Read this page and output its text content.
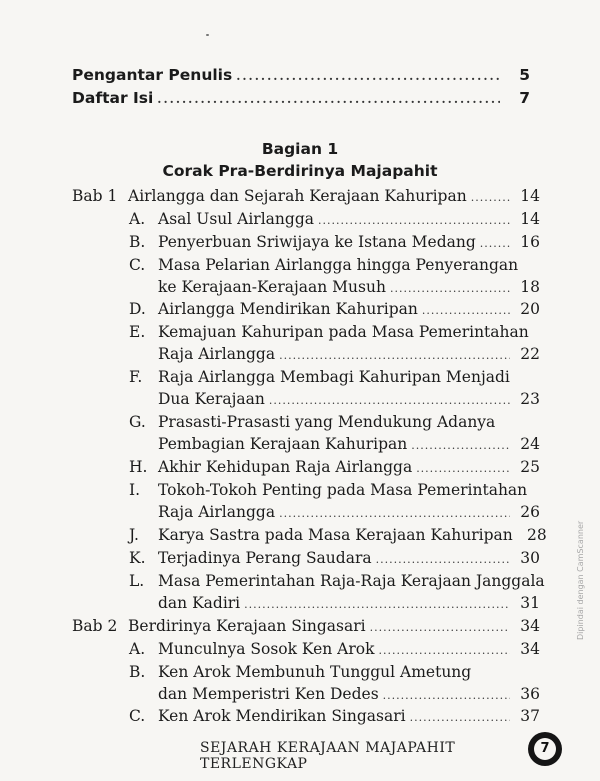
Pengantar Penulis .....	5
Daftar Isi .....	7
Bagian 1
Corak Pra-Berdirinya Majapahit
Bab 1 Airlangga dan Sejarah Kerajaan Kahuripan .....	14
A. Asal Usul Airlangga .....	14
B. Penyerbuan Sriwijaya ke Istana Medang .....	16
C. Masa Pelarian Airlangga hingga Penyerangan
ke Kerajaan-Kerajaan Musuh .....	18
D. Airlangga Mendirikan Kahuripan .....	20
E. Kemajuan Kahuripan pada Masa Pemerintahan
Raja Airlangga .....	22
F.	Raja Airlangga Membagi Kahuripan Menjadi
Dua Kerajaan .....	23
G. Prasasti-Prasasti yang Mendukung Adanya
Pembagian Kerajaan Kahuripan .....	24
H. Akhir Kehidupan Raja Airlangga .....	25
I.	Tokoh-Tokoh Penting pada Masa Pemerintahan
Raja Airlangga .....	26
J.	Karya Sastra pada Masa Kerajaan Kahuripan 28
K. Terjadinya Perang Saudara .....	30
L. Masa Pemerintahan Raja-Raja Kerajaan Janggala
dan Kadiri .....	31
Bab 2 Berdirinya Kerajaan Singasari .....	34
A. Munculnya Sosok Ken Arok .....	34
B. Ken Arok Membunuh Tunggul Ametung
dan Memperistri Ken Dedes .....	36
C. Ken Arok Mendirikan Singasari .....	37
SEJARAH KERAJAAN MAJAPAHIT TERLENGKAP
7
Dipindai dengan CamScanner
